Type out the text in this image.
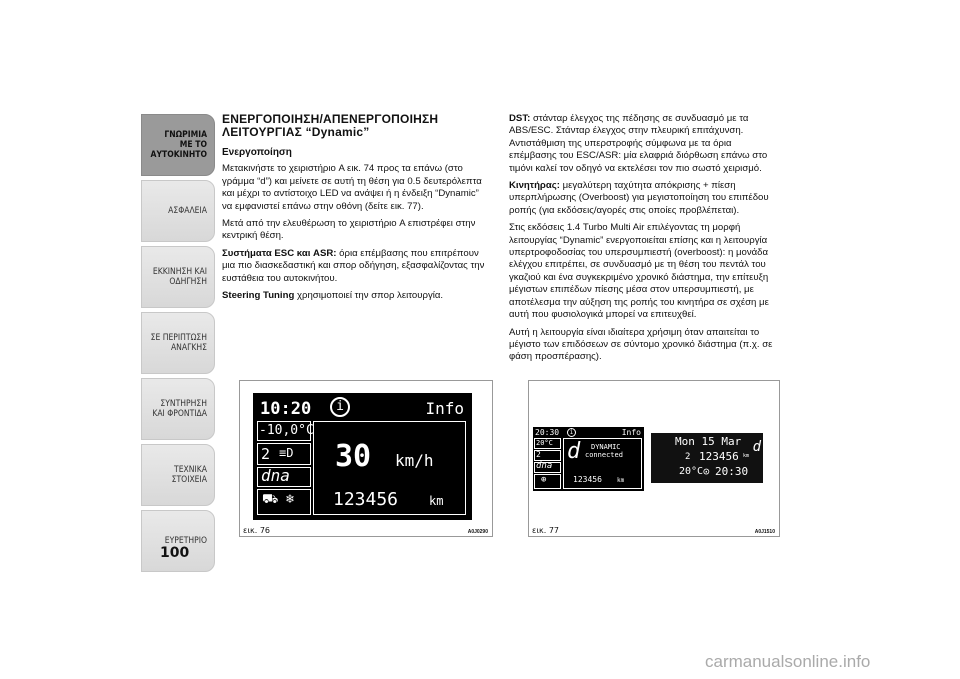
ΓΝΩΡΙΜΙΑ ΜΕ ΤΟ ΑΥΤΟΚΙΝΗΤΟ
ΑΣΦΑΛΕΙΑ
ΕΚΚΙΝΗΣΗ ΚΑΙ ΟΔΗΓΗΣΗ
ΣΕ ΠΕΡΙΠΤΩΣΗ ΑΝΑΓΚΗΣ
ΣΥΝΤΗΡΗΣΗ ΚΑΙ ΦΡΟΝΤΙΔΑ
ΤΕΧΝΙΚΑ ΣΤΟΙΧΕΙΑ
ΕΥΡΕΤΗΡΙΟ
100
ΕΝΕΡΓΟΠΟΙΗΣΗ/ΑΠΕΝΕΡΓΟΠΟΙΗΣΗ ΛΕΙΤΟΥΡΓΙΑΣ “Dynamic”
Ενεργοποίηση

Μετακινήστε το χειριστήριο A εικ. 74 προς τα επάνω (στο γράμμα “d”) και μείνετε σε αυτή τη θέση για 0.5 δευτερόλεπτα και μέχρι το αντίστοιχο LED να ανάψει ή η ένδειξη “Dynamic” να εμφανιστεί επάνω στην οθόνη (δείτε εικ. 77).

Μετά από την ελευθέρωση το χειριστήριο A επιστρέφει στην κεντρική θέση.

Συστήματα ESC και ASR: όρια επέμβασης που επιτρέπουν μια πιο διασκεδαστική και σπορ οδήγηση, εξασφαλίζοντας την ευστάθεια του αυτοκινήτου.

Steering Tuning χρησιμοποιεί την σπορ λειτουργία.

DST: στάνταρ έλεγχος της πέδησης σε συνδυασμό με τα ABS/ESC. Στάνταρ έλεγχος στην πλευρική επιτάχυνση. Αντιστάθμιση της υπερστροφής σύμφωνα με τα όρια επέμβασης του ESC/ASR: μία ελαφριά διόρθωση επάνω στο τιμόνι καλεί τον οδηγό να εκτελέσει τον πιο σωστό χειρισμό.

Κινητήρας: μεγαλύτερη ταχύτητα απόκρισης + πίεση υπερπλήρωσης (Overboost) για μεγιστοποίηση του επιπέδου ροπής (για εκδόσεις/αγορές στις οποίες προβλέπεται).

Στις εκδόσεις 1.4 Turbo Multi Air επιλέγοντας τη μορφή λειτουργίας “Dynamic” ενεργοποιείται επίσης και η λειτουργία υπερτροφοδοσίας του υπερσυμπιεστή (overboost): η μονάδα ελέγχου επιτρέπει, σε συνδυασμό με τη θέση του πεντάλ του γκαζιού και ένα συγκεκριμένο χρονικό διάστημα, την επίτευξη μέγιστων επιπέδων πίεσης μέσα στον υπερσυμπιεστή, με αποτέλεσμα την αύξηση της ροπής του κινητήρα σε σχέση με αυτή που φυσιολογικά μπορεί να επιτευχθεί.

Αυτή η λειτουργία είναι ιδιαίτερα χρήσιμη όταν απαιτείται το μέγιστο των επιδόσεων σε σύντομο χρονικό διάστημα (π.χ. σε φάση προσπέρασης).

10:20	i	Info
-10,0°C
2 ≡D
dna
⛟ ❄
30 km/h
123456	km
εικ. 76	A0J0290
20:30	i	Info
20°C
2
dna
⊕
d DYNAMIC
connected
123456	km
Mon 15 Mar d
2 123456 km
20°C ⊙ 20:30
εικ. 77	A0J1510
carmanualsonline.info
